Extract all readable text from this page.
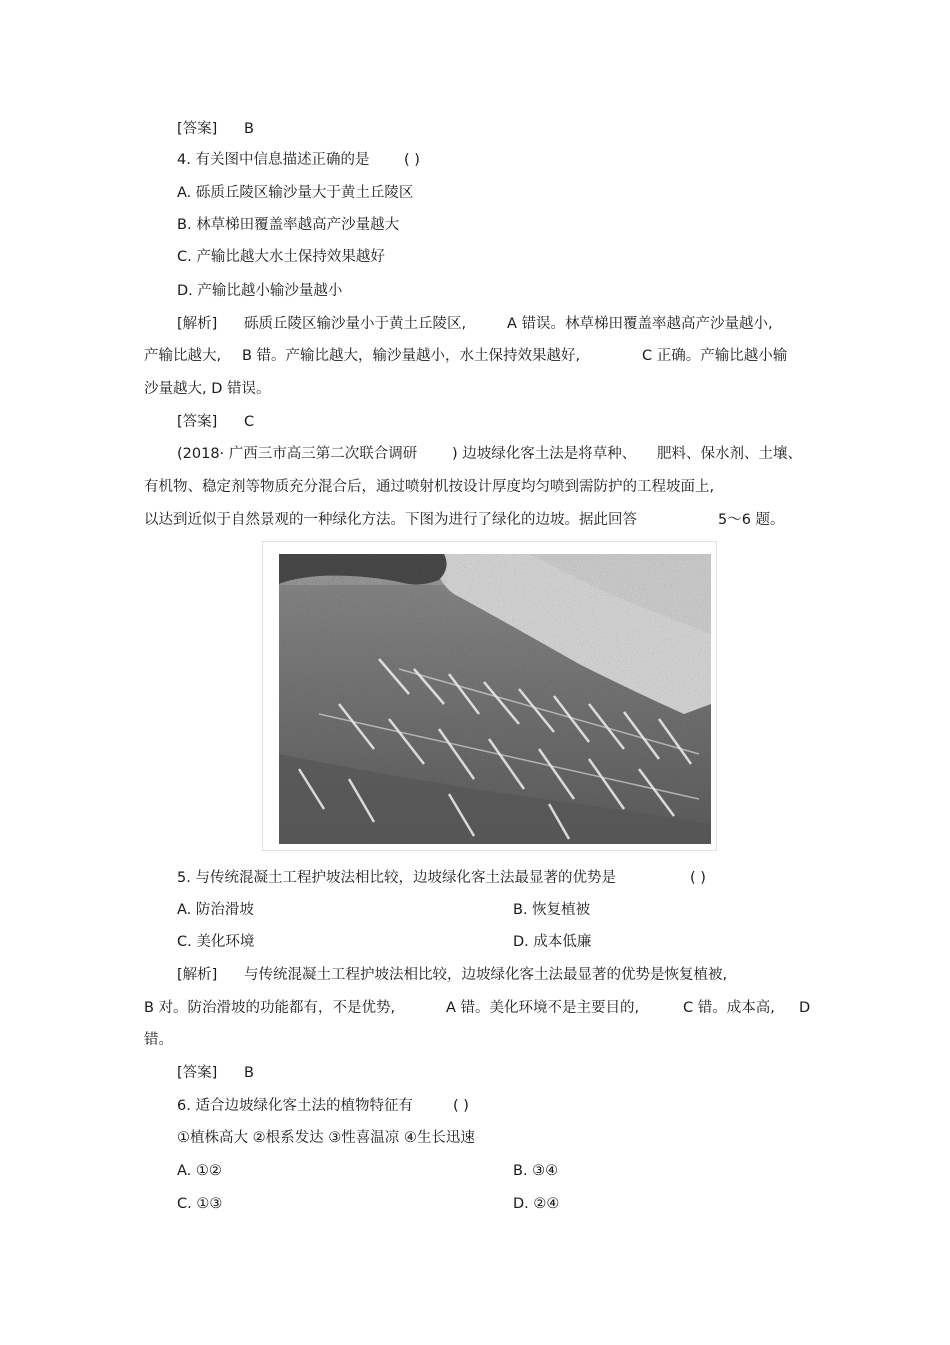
[答案] B
4. 有关图中信息描述正确的是 ( )
A. 砾质丘陵区输沙量大于黄土丘陵区
B. 林草梯田覆盖率越高产沙量越大
C. 产输比越大水土保持效果越好
D. 产输比越小输沙量越小
[解析] 砾质丘陵区输沙量小于黄土丘陵区,	A 错误。林草梯田覆盖率越高产沙量越小,
产输比越大, B 错。产输比越大，输沙量越小，水土保持效果越好,	C 正确。产输比越小输
沙量越大, D 错误。
[答案] C
(2018· 广西三市高三第二次联合调研 ) 边坡绿化客土法是将草种、 肥料、保水剂、土壤、
有机物、稳定剂等物质充分混合后，通过喷射机按设计厚度均匀喷到需防护的工程坡面上,
以达到近似于自然景观的一种绿化方法。下图为进行了绿化的边坡。据此回答	5～6 题。
5. 与传统混凝土工程护坡法相比较，边坡绿化客土法最显著的优势是	( )
A. 防治滑坡	B. 恢复植被
C. 美化环境	D. 成本低廉
[解析] 与传统混凝土工程护坡法相比较，边坡绿化客土法最显著的优势是恢复植被,
B 对。防治滑坡的功能都有，不是优势,	A 错。美化环境不是主要目的,	C 错。成本高, D
错。
[答案] B
6. 适合边坡绿化客土法的植物特征有	( )
①植株高大 ②根系发达 ③性喜温凉 ④生长迅速
A. ①②	B. ③④
C. ①③	D. ②④
